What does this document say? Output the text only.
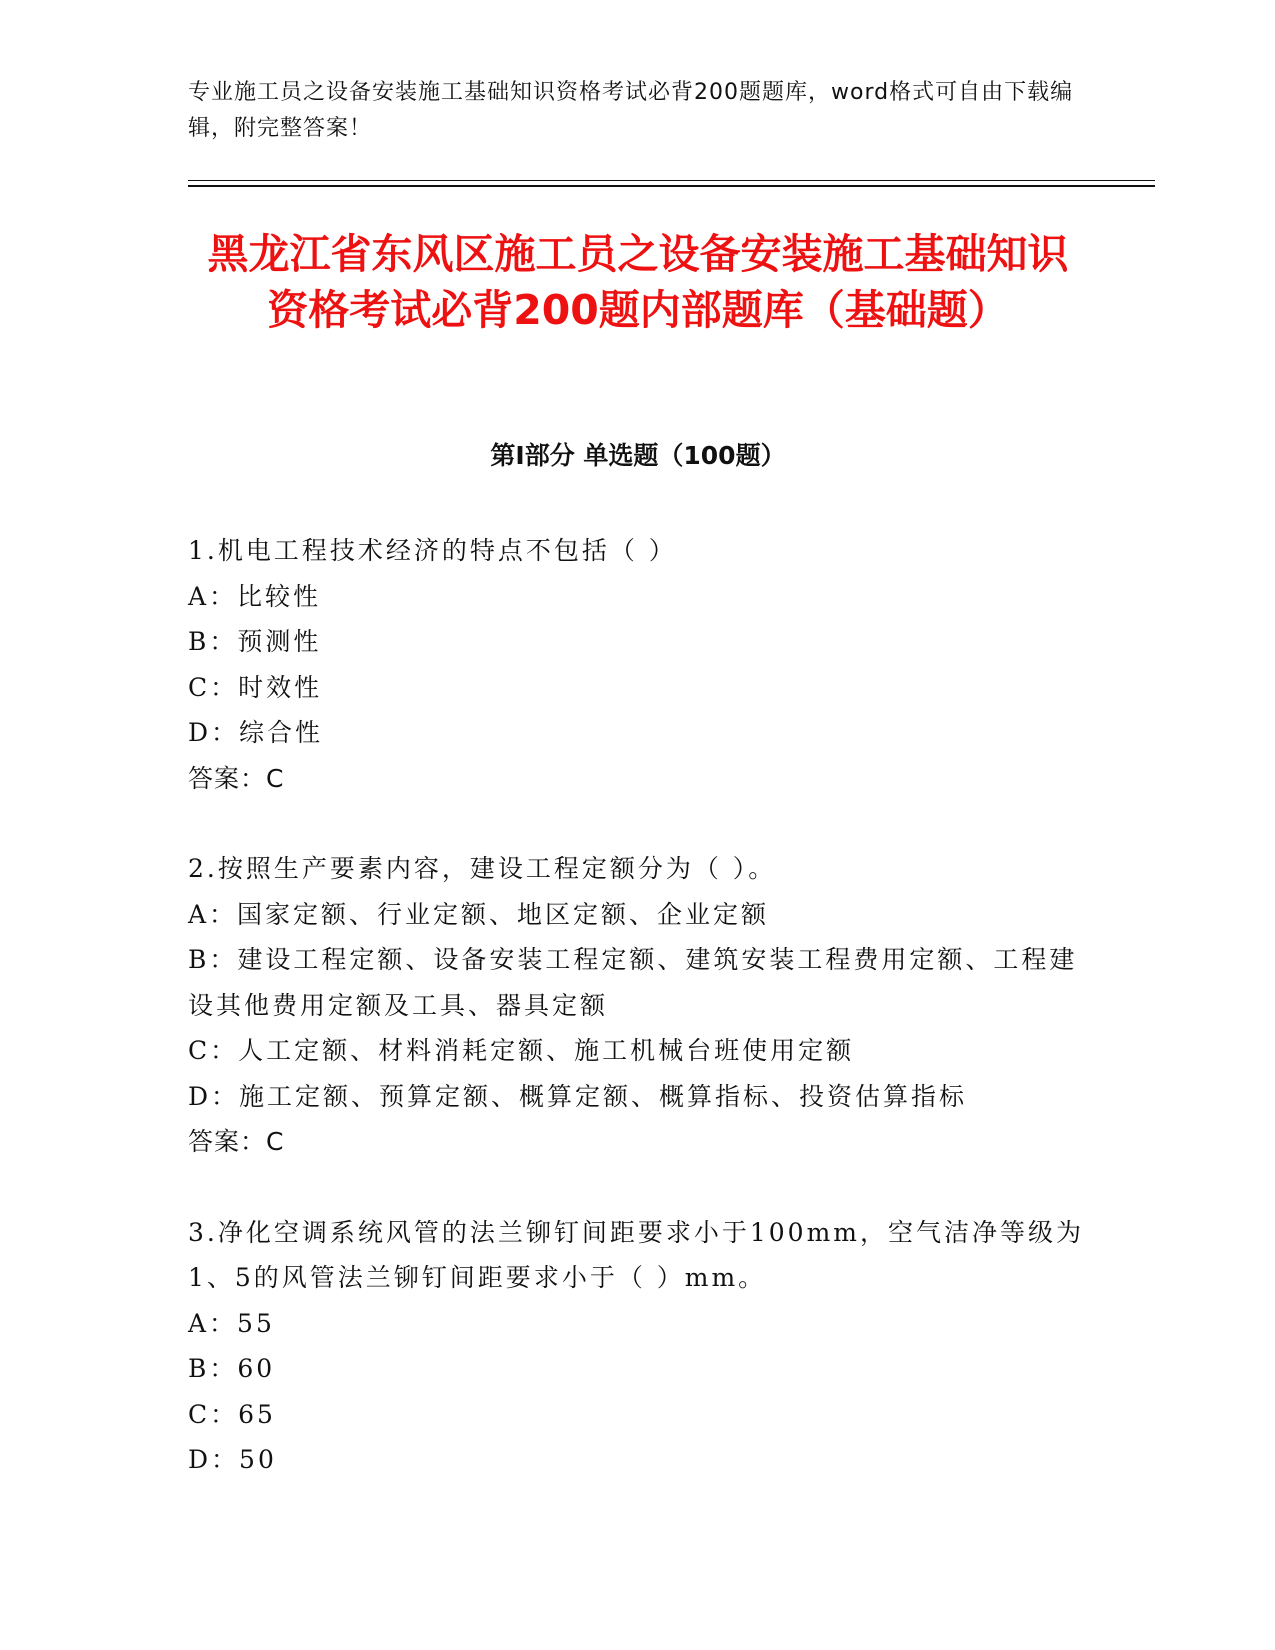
专业施工员之设备安装施工基础知识资格考试必背200题题库，word格式可自由下载编辑，附完整答案！

黑龙江省东风区施工员之设备安装施工基础知识资格考试必背200题内部题库（基础题）
第Ⅰ部分 单选题（100题）

1.机电工程技术经济的特点不包括（ ）

A：比较性

B：预测性

C：时效性

D：综合性

答案：C

2.按照生产要素内容，建设工程定额分为（ ）。

A：国家定额、行业定额、地区定额、企业定额

B：建设工程定额、设备安装工程定额、建筑安装工程费用定额、工程建设其他费用定额及工具、器具定额

C：人工定额、材料消耗定额、施工机械台班使用定额

D：施工定额、预算定额、概算定额、概算指标、投资估算指标

答案：C

3.净化空调系统风管的法兰铆钉间距要求小于100mm，空气洁净等级为1、5的风管法兰铆钉间距要求小于（ ）mm。

A：55

B：60

C：65

D：50
